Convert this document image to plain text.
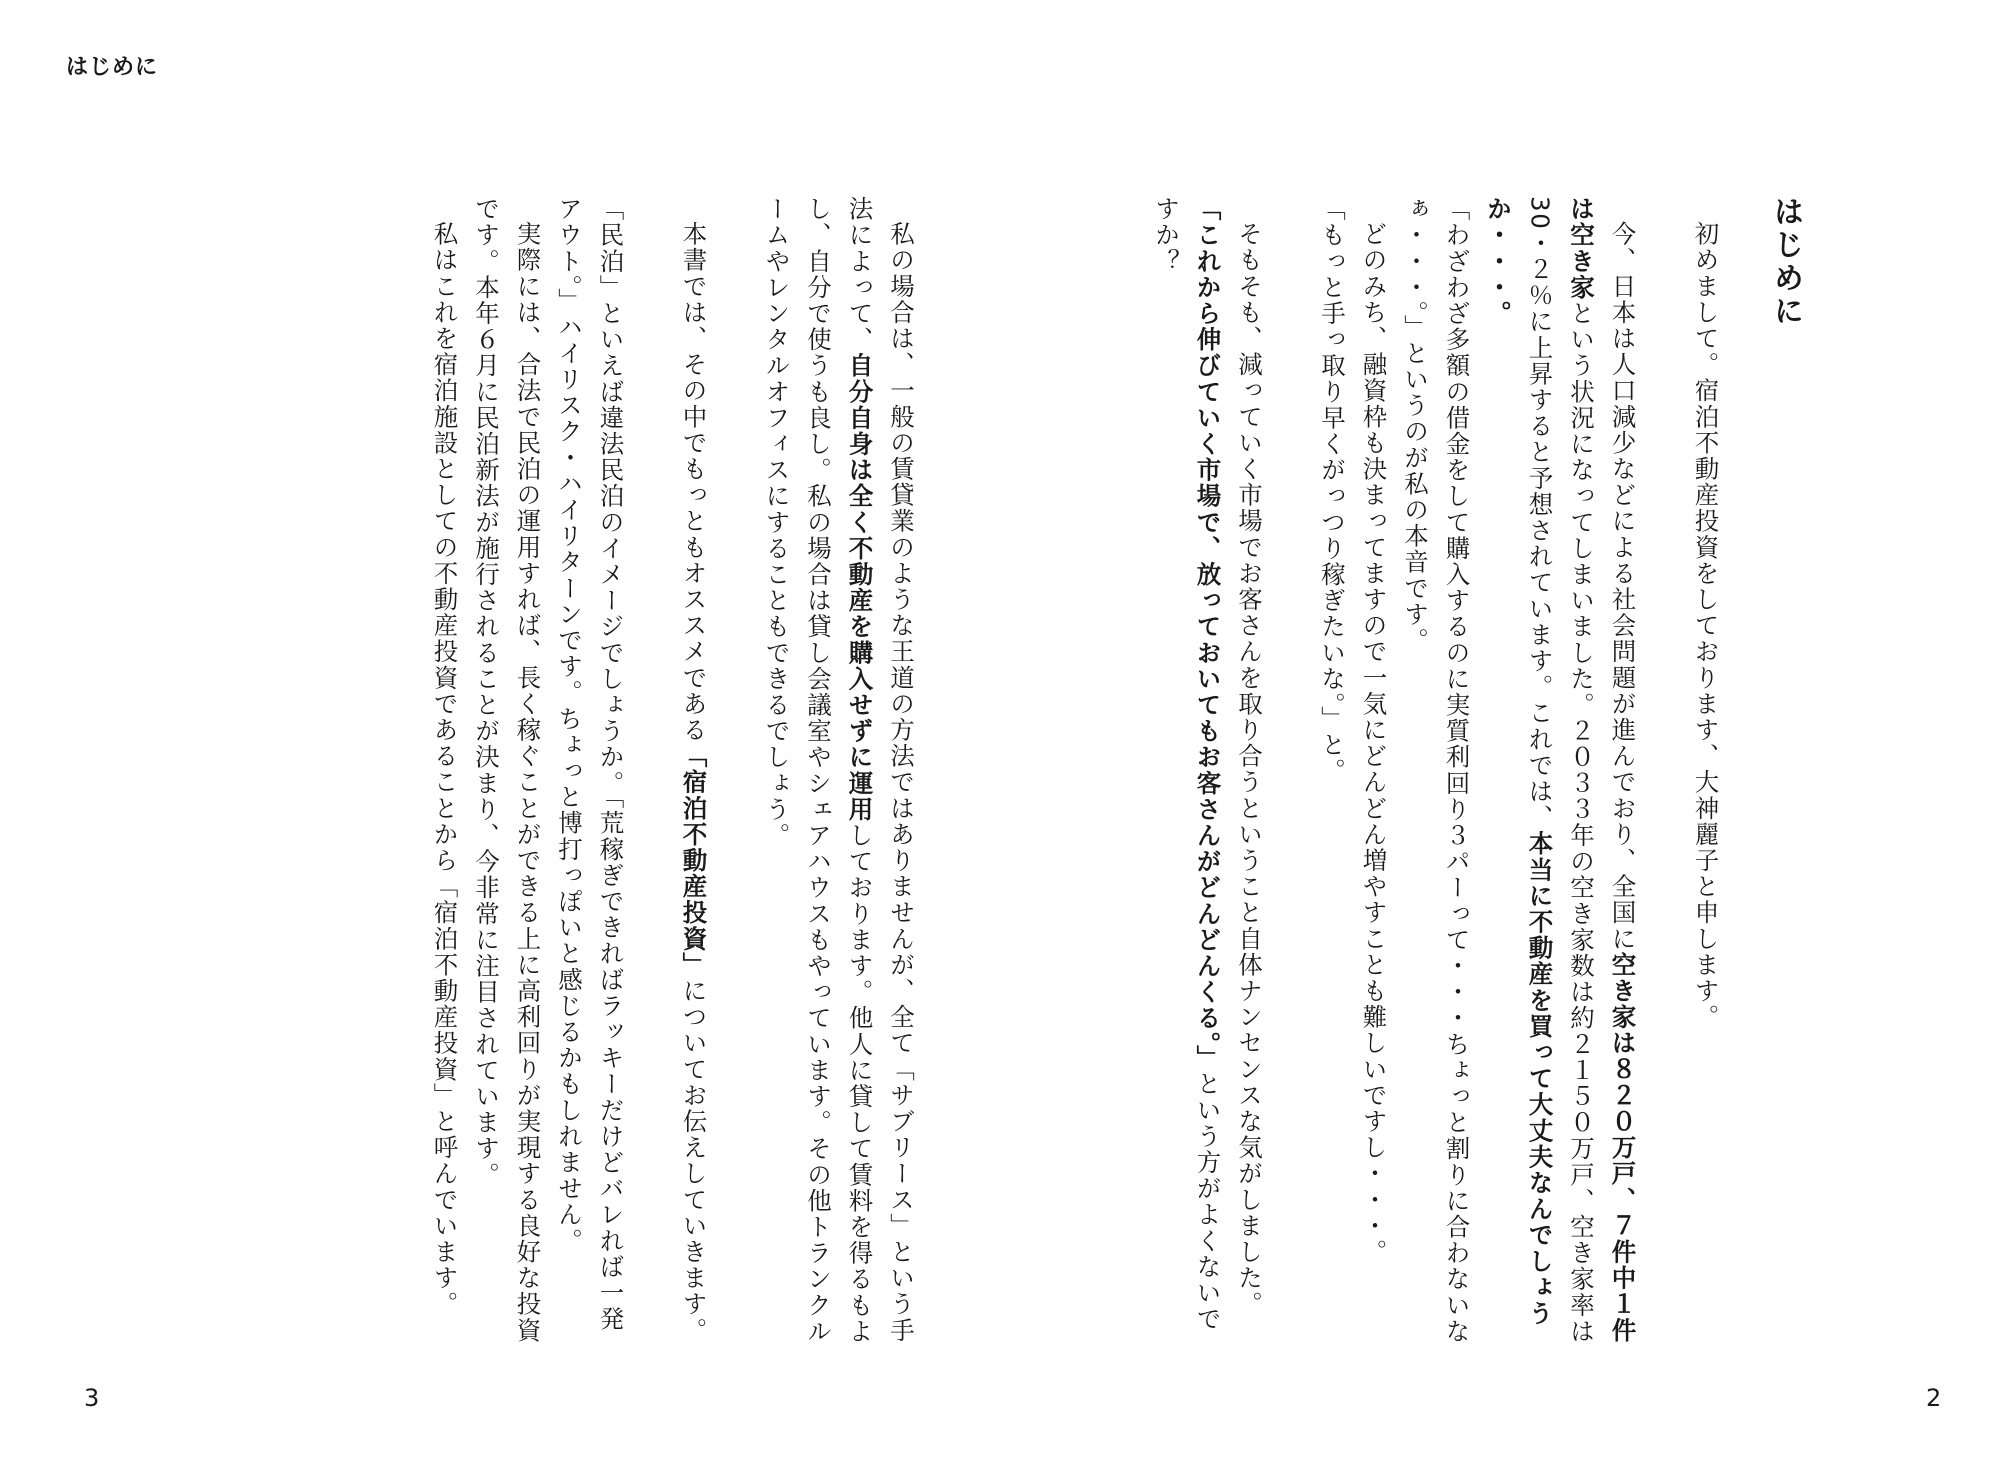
はじめに

私の場合は、一般の賃貸業のような王道の方法ではありませんが、全て「サブリース」という手法によって、自分自身は全く不動産を購入せずに運用しております。他人に貸して賃料を得るもよし、自分で使うも良し。私の場合は貸し会議室やシェアハウスもやっています。その他トランクルームやレンタルオフィスにすることもできるでしょう。

本書では、その中でもっともオススメである「宿泊不動産投資」についてお伝えしていきます。

「民泊」といえば違法民泊のイメージでしょうか。「荒稼ぎできればラッキーだけどバレれば一発アウト。」ハイリスク・ハイリターンです。ちょっと博打っぽいと感じるかもしれません。

実際には、合法で民泊の運用すれば、長く稼ぐことができる上に高利回りが実現する良好な投資です。本年６月に民泊新法が施行されることが決まり、今非常に注目されています。

私はこれを宿泊施設としての不動産投資であることから「宿泊不動産投資」と呼んでいます。

3

はじめに

初めまして。宿泊不動産投資をしております、大神麗子と申します。

今、日本は人口減少などによる社会問題が進んでおり、全国に空き家は８２０万戸、７件中１件は空き家という状況になってしまいました。２０３３年の空き家数は約２１５０万戸、空き家率は30・２％に上昇すると予想されています。これでは、本当に不動産を買って大丈夫なんでしょうか・・・。

「わざわざ多額の借金をして購入するのに実質利回り３パーって・・・ちょっと割りに合わないなぁ・・・。」というのが私の本音です。

どのみち、融資枠も決まってますので一気にどんどん増やすことも難しいですし・・・。

「もっと手っ取り早くがっつり稼ぎたいな。」と。

そもそも、減っていく市場でお客さんを取り合うということ自体ナンセンスな気がしました。「これから伸びていく市場で、放っておいてもお客さんがどんどんくる。」という方がよくないですか？

2
